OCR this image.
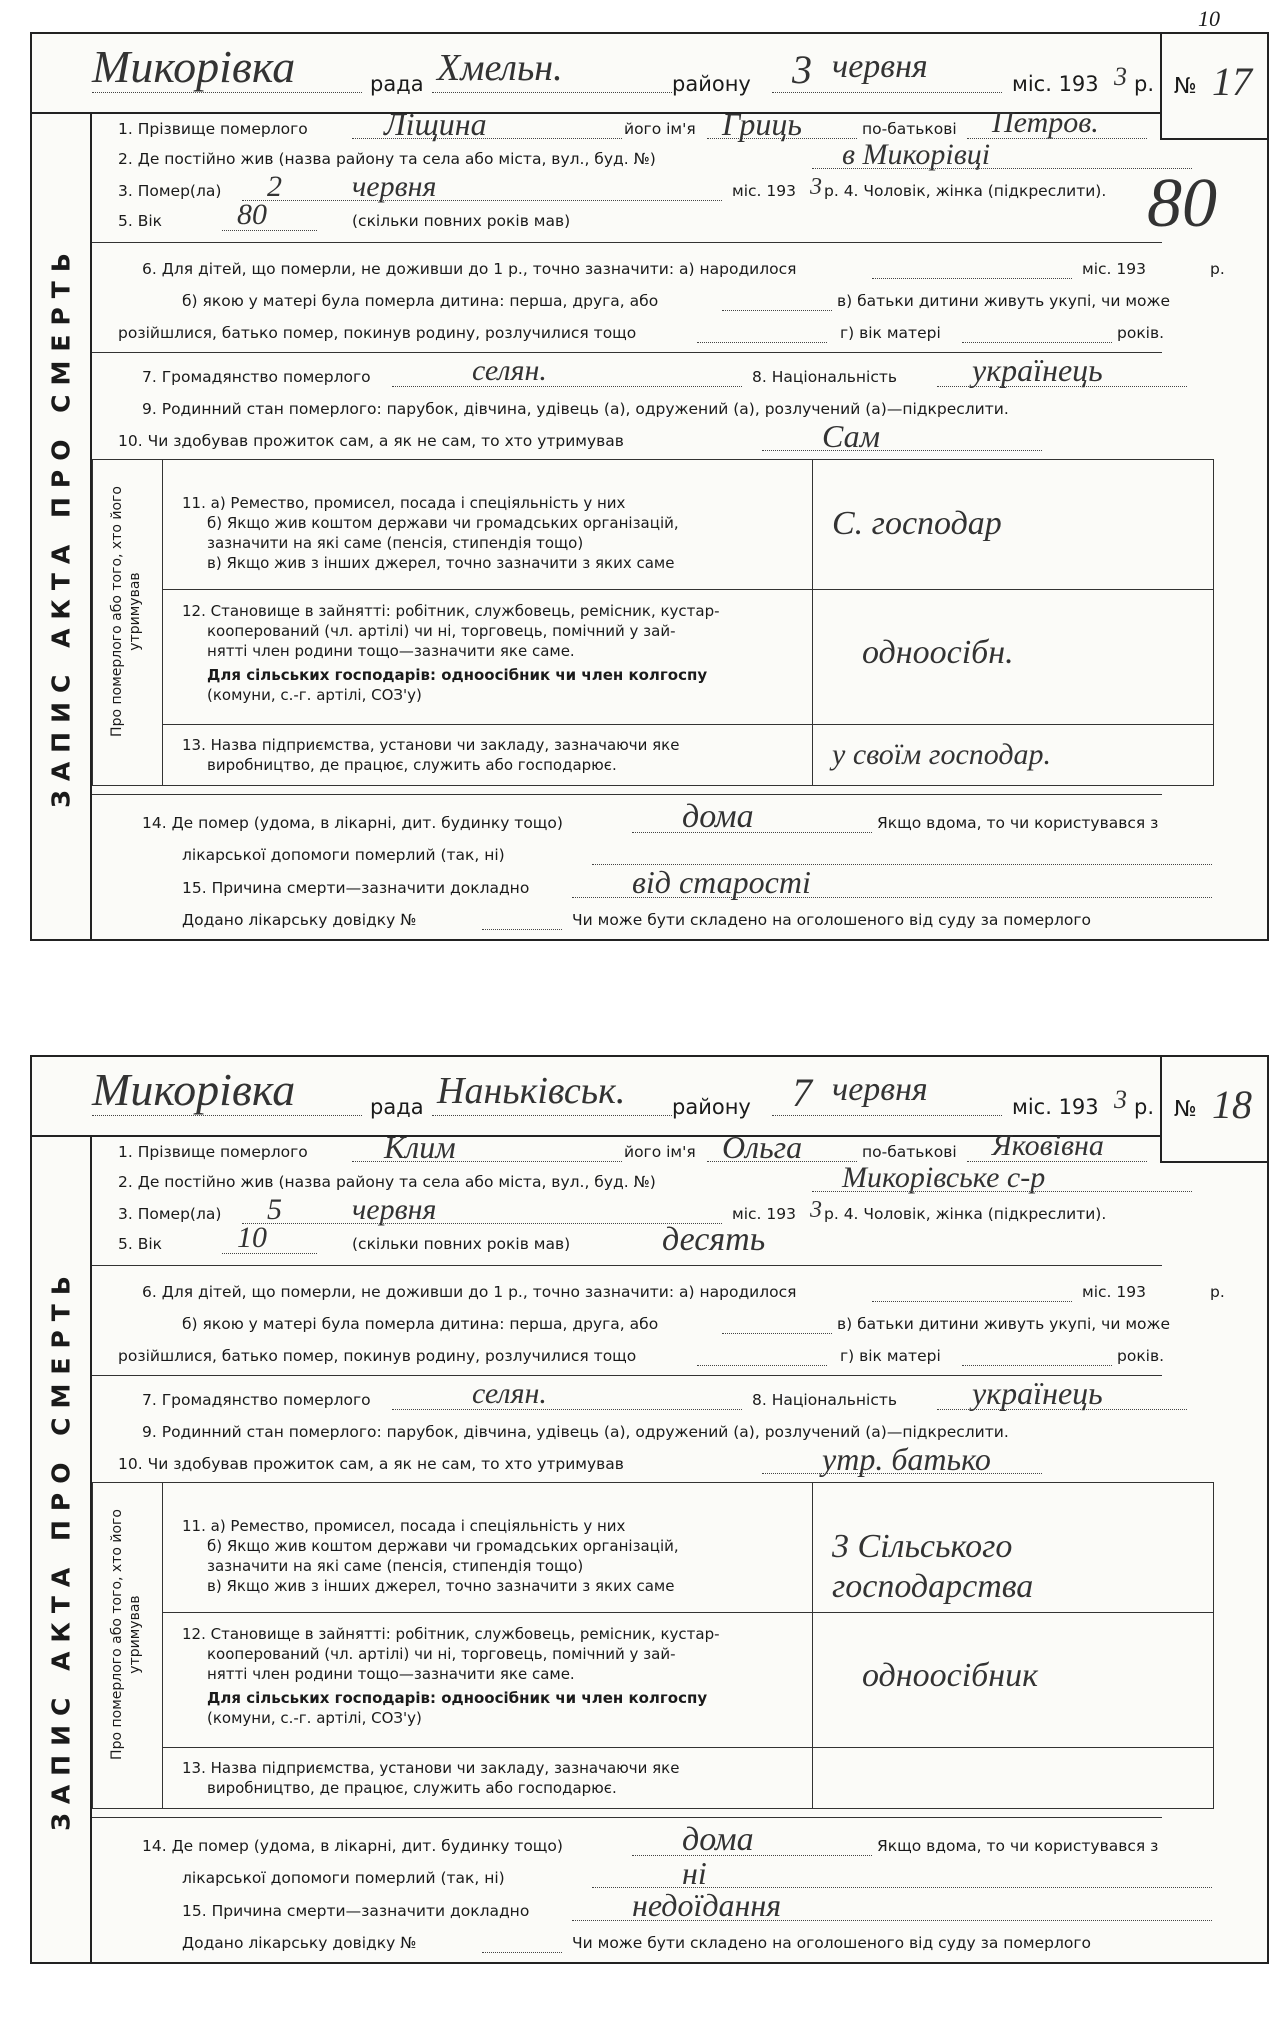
10
Микорівка	рада Хмельн.	району 3 червня	міс. 193 3 р. № 17
ЗАПИС АКТА ПРО СМЕРТЬ
1. Прізвище померлого Ліщина	його ім'я Гриць	по-батькові Петров.
2. Де постійно жив (назва району та села або міста, вул., буд. №)	в Микорівці
3. Помер(ла) 2 червня	міс. 193 3 р. 4. Чоловік, жінка (підкреслити).
5. Вік 80	(скільки повних років мав)	80
6. Для дітей, що померли, не доживши до 1 р., точно зазначити: а) народилося	міс. 193	р.
б) якою у матері була померла дитина: перша, друга, або	в) батьки дитини живуть укупі, чи може
розійшлися, батько помер, покинув родину, розлучилися тощо	г) вік матері	років.
7. Громадянство померлого	селян.	8. Національність українець
9. Родинний стан померлого: парубок, дівчина, удівець (а), одружений (а), розлучений (а)—підкреслити.
10. Чи здобував прожиток сам, а як не сам, то хто утримував	Сам
Про померлого або того, хто його утримував
11. а) Ремество, промисел, посада і спеціяльність у них
б) Якщо жив коштом держави чи громадських організацій,
зазначити на які саме (пенсія, стипендія тощо)
в) Якщо жив з інших джерел, точно зазначити з яких саме
С. господар
12. Становище в зайнятті: робітник, службовець, ремісник, кустар-
кооперований (чл. артілі) чи ні, торговець, помічний у зай-
нятті член родини тощо—зазначити яке саме.
Для сільських господарів: одноосібник чи член колгоспу
(комуни, с.-г. артілі, СОЗ'у)
одноосібн.
13. Назва підприємства, установи чи закладу, зазначаючи яке
виробництво, де працює, служить або господарює.	у своїм господар.
14. Де помер (удома, в лікарні, дит. будинку тощо)	дома	Якщо вдома, то чи користувався з
лікарської допомоги померлий (так, ні)
15. Причина смерти—зазначити докладно	від старості
Додано лікарську довідку №	Чи може бути складено на оголошеного від суду за померлого
Микорівка	рада Наньківськ. району 7 червня	міс. 193 3 р. № 18
ЗАПИС АКТА ПРО СМЕРТЬ
1. Прізвище померлого Клим	його ім'я Ольга	по-батькові Яковівна
2. Де постійно жив (назва району та села або міста, вул., буд. №)	Микорівське с-р
3. Помер(ла) 5 червня	міс. 193 3 р. 4. Чоловік, жінка (підкреслити).
5. Вік 10	(скільки повних років мав)	десять
6. Для дітей, що померли, не доживши до 1 р., точно зазначити: а) народилося	міс. 193	р.
б) якою у матері була померла дитина: перша, друга, або	в) батьки дитини живуть укупі, чи може
розійшлися, батько помер, покинув родину, розлучилися тощо	г) вік матері	років.
7. Громадянство померлого	селян.	8. Національність українець
9. Родинний стан померлого: парубок, дівчина, удівець (а), одружений (а), розлучений (а)—підкреслити.
10. Чи здобував прожиток сам, а як не сам, то хто утримував	утр. батько
Про померлого або того, хто його утримував
11. а) Ремество, промисел, посада і спеціяльність у них
б) Якщо жив коштом держави чи громадських організацій,
зазначити на які саме (пенсія, стипендія тощо)
в) Якщо жив з інших джерел, точно зазначити з яких саме
3 Сільського господарства
12. Становище в зайнятті: робітник, службовець, ремісник, кустар-
кооперований (чл. артілі) чи ні, торговець, помічний у зай-
нятті член родини тощо—зазначити яке саме.
Для сільських господарів: одноосібник чи член колгоспу
(комуни, с.-г. артілі, СОЗ'у)
одноосібник
13. Назва підприємства, установи чи закладу, зазначаючи яке
виробництво, де працює, служить або господарює.
14. Де помер (удома, в лікарні, дит. будинку тощо)	дома	Якщо вдома, то чи користувався з
лікарської допомоги померлий (так, ні)	ні
15. Причина смерти—зазначити докладно	недоїдання
Додано лікарську довідку №	Чи може бути складено на оголошеного від суду за померлого
